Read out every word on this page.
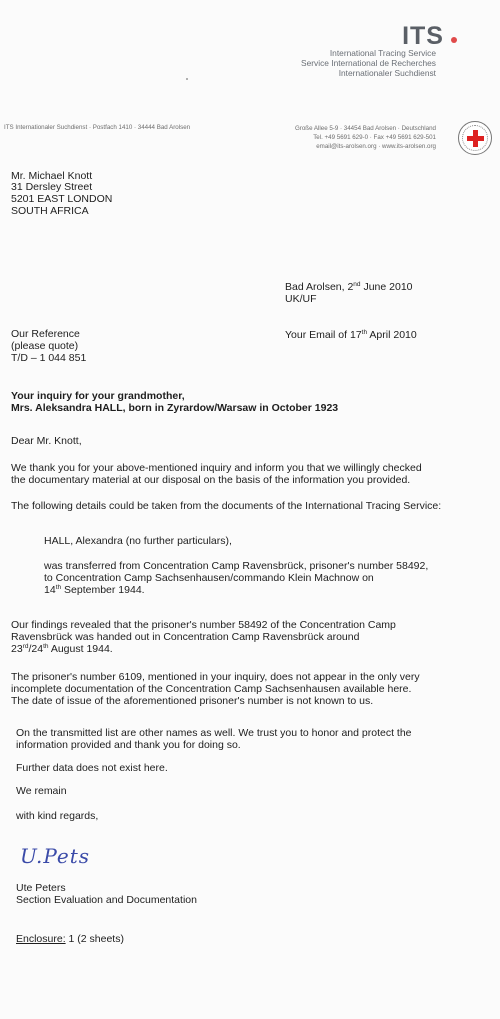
ITS
International Tracing Service
Service International de Recherches
Internationaler Suchdienst
ITS Internationaler Suchdienst · Postfach 1410 · 34444 Bad Arolsen	Große Allee 5-9 · 34454 Bad Arolsen · Deutschland
Tel. +49 5691 629-0 · Fax +49 5691 629-501
email@its-arolsen.org · www.its-arolsen.org
Mr. Michael Knott
31 Dersley Street
5201 EAST LONDON
SOUTH AFRICA
Bad Arolsen, 2nd June 2010
UK/UF
Your Email of 17th April 2010
Our Reference
(please quote)
T/D – 1 044 851
Your inquiry for your grandmother,
Mrs. Aleksandra HALL, born in Zyrardow/Warsaw in October 1923
Dear Mr. Knott,
We thank you for your above-mentioned inquiry and inform you that we willingly checked
the documentary material at our disposal on the basis of the information you provided.
The following details could be taken from the documents of the International Tracing Service:
HALL, Alexandra (no further particulars),
was transferred from Concentration Camp Ravensbrück, prisoner's number 58492,
to Concentration Camp Sachsenhausen/commando Klein Machnow on
14th September 1944.
Our findings revealed that the prisoner's number 58492 of the Concentration Camp
Ravensbrück was handed out in Concentration Camp Ravensbrück around
23rd/24th August 1944.
The prisoner's number 6109, mentioned in your inquiry, does not appear in the only very
incomplete documentation of the Concentration Camp Sachsenhausen available here.
The date of issue of the aforementioned prisoner's number is not known to us.
On the transmitted list are other names as well. We trust you to honor and protect the
information provided and thank you for doing so.
Further data does not exist here.
We remain
with kind regards,
U.Pets
Ute Peters
Section Evaluation and Documentation
Enclosure: 1 (2 sheets)
